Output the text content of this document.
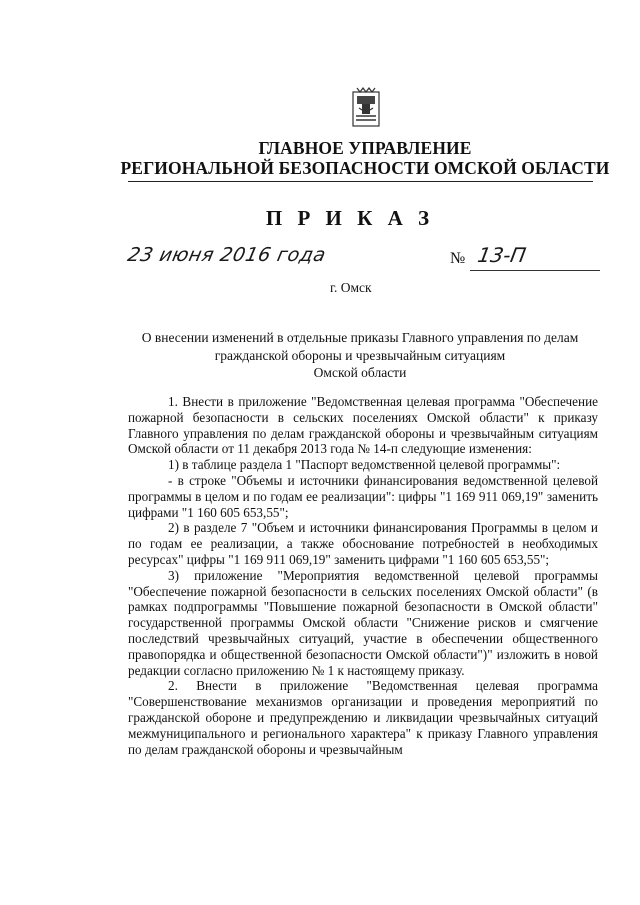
ГЛАВНОЕ УПРАВЛЕНИЕ
РЕГИОНАЛЬНОЙ БЕЗОПАСНОСТИ ОМСКОЙ ОБЛАСТИ
П Р И К А З
23 июня 2016 года	№ 13-П
г. Омск
О внесении изменений в отдельные приказы Главного управления по делам
гражданской обороны и чрезвычайным ситуациям
Омской области

1. Внести в приложение "Ведомственная целевая программа "Обеспечение пожарной безопасности в сельских поселениях Омской области" к приказу Главного управления по делам гражданской обороны и чрезвычайным ситуациям Омской области от 11 декабря 2013 года № 14-п следующие изменения:

1) в таблице раздела 1 "Паспорт ведомственной целевой программы":

- в строке "Объемы и источники финансирования ведомственной целевой программы в целом и по годам ее реализации": цифры "1 169 911 069,19" заменить цифрами "1 160 605 653,55";

2) в разделе 7 "Объем и источники финансирования Программы в целом и по годам ее реализации, а также обоснование потребностей в необходимых ресурсах" цифры "1 169 911 069,19" заменить цифрами "1 160 605 653,55";

3) приложение "Мероприятия ведомственной целевой программы "Обеспечение пожарной безопасности в сельских поселениях Омской области" (в рамках подпрограммы "Повышение пожарной безопасности в Омской области" государственной программы Омской области "Снижение рисков и смягчение последствий чрезвычайных ситуаций, участие в обеспечении общественного правопорядка и общественной безопасности Омской области")" изложить в новой редакции согласно приложению № 1 к настоящему приказу.

2. Внести в приложение "Ведомственная целевая программа "Совершенствование механизмов организации и проведения мероприятий по гражданской обороне и предупреждению и ликвидации чрезвычайных ситуаций межмуниципального и регионального характера" к приказу Главного управления по делам гражданской обороны и чрезвычайным
